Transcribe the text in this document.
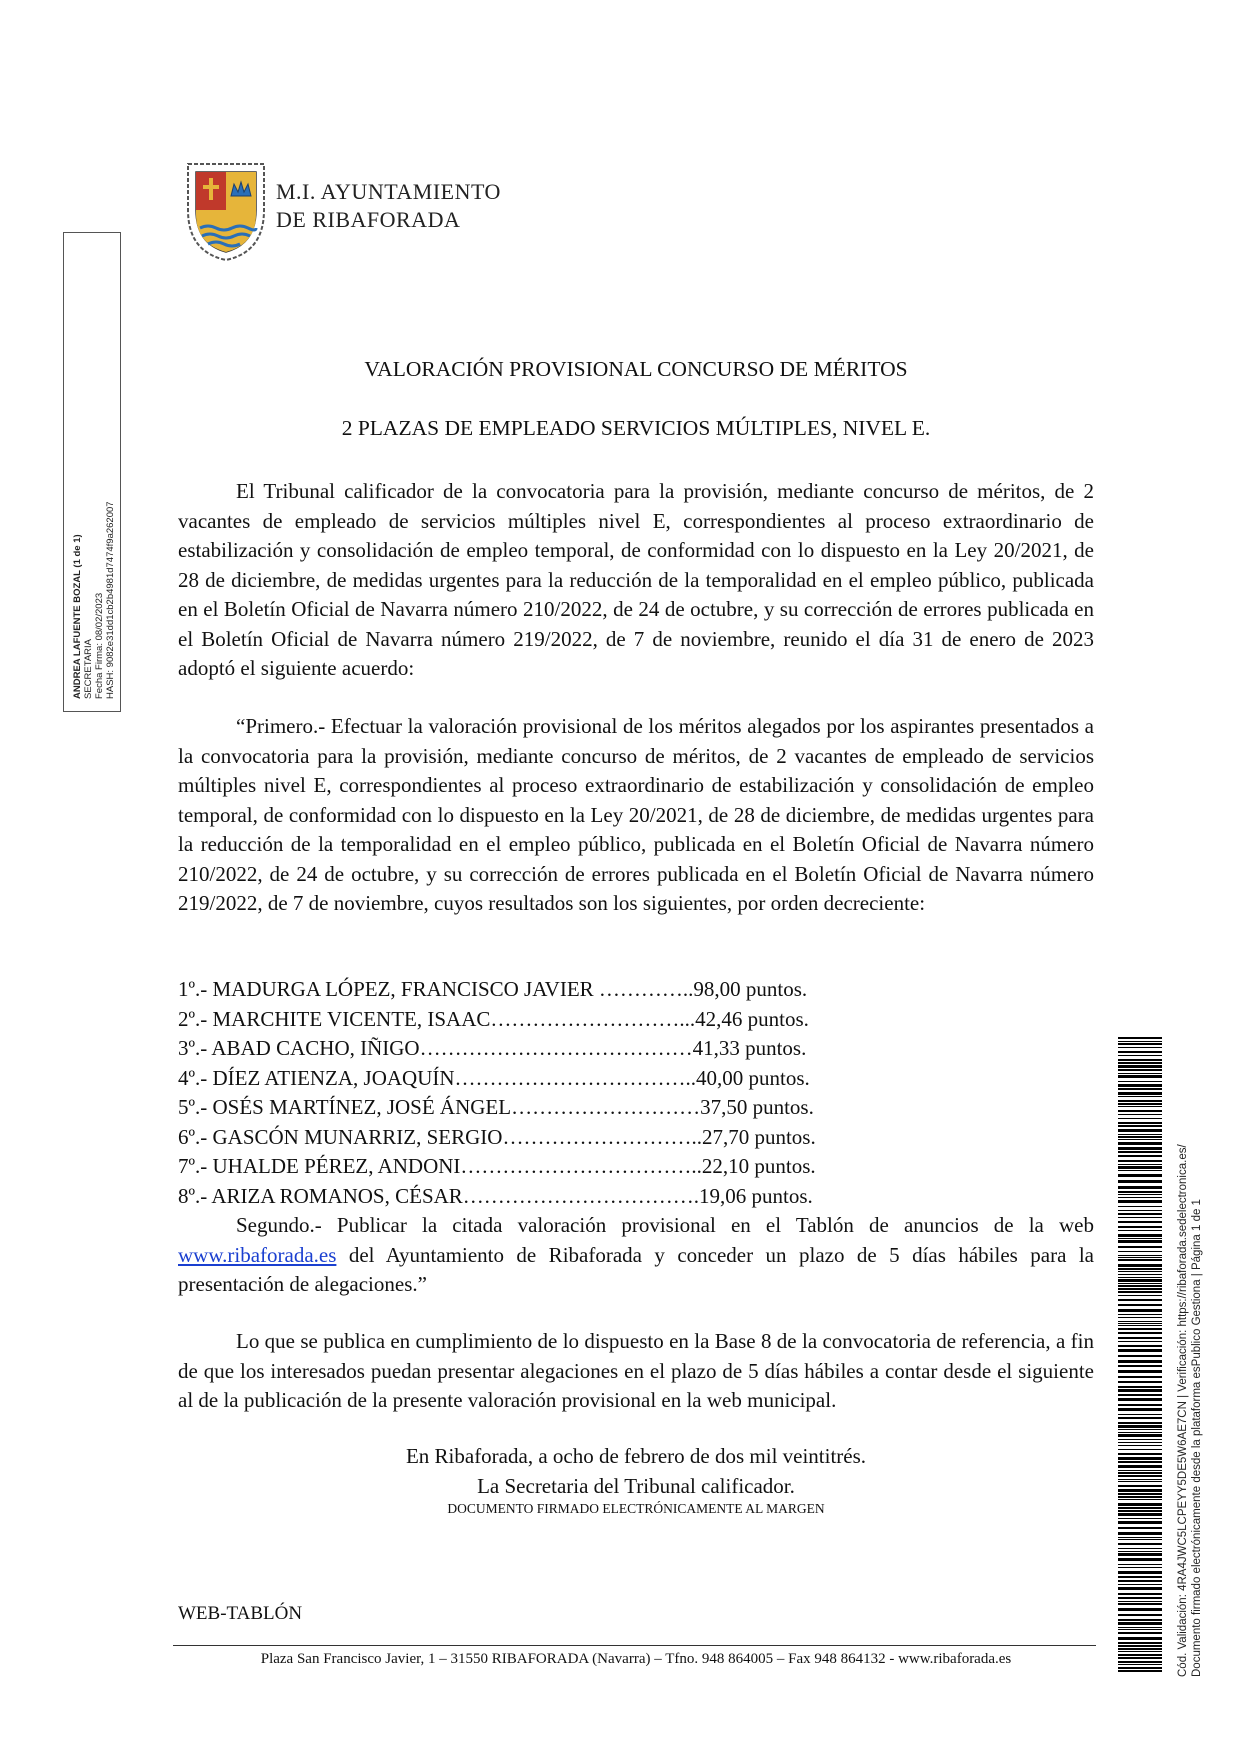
M.I. AYUNTAMIENTO
DE RIBAFORADA
ANDREA LAFUENTE BOZAL (1 de 1) SECRETARIA Fecha Firma: 08/02/2023 HASH: 9082e31dd1cb2b4981d7474f9a262007
VALORACIÓN PROVISIONAL CONCURSO DE MÉRITOS
2 PLAZAS DE EMPLEADO SERVICIOS MÚLTIPLES, NIVEL E.

El Tribunal calificador de la convocatoria para la provisión, mediante concurso de méritos, de 2 vacantes de empleado de servicios múltiples nivel E, correspondientes al proceso extraordinario de estabilización y consolidación de empleo temporal, de conformidad con lo dispuesto en la Ley 20/2021, de 28 de diciembre, de medidas urgentes para la reducción de la temporalidad en el empleo público, publicada en el Boletín Oficial de Navarra número 210/2022, de 24 de octubre, y su corrección de errores publicada en el Boletín Oficial de Navarra número 219/2022, de 7 de noviembre, reunido el día 31 de enero de 2023 adoptó el siguiente acuerdo:

“Primero.- Efectuar la valoración provisional de los méritos alegados por los aspirantes presentados a la convocatoria para la provisión, mediante concurso de méritos, de 2 vacantes de empleado de servicios múltiples nivel E, correspondientes al proceso extraordinario de estabilización y consolidación de empleo temporal, de conformidad con lo dispuesto en la Ley 20/2021, de 28 de diciembre, de medidas urgentes para la reducción de la temporalidad en el empleo público, publicada en el Boletín Oficial de Navarra número 210/2022, de 24 de octubre, y su corrección de errores publicada en el Boletín Oficial de Navarra número 219/2022, de 7 de noviembre, cuyos resultados son los siguientes, por orden decreciente:

1º.- MADURGA LÓPEZ, FRANCISCO JAVIER …………..98,00 puntos.
2º.- MARCHITE VICENTE, ISAAC………………………...42,46 puntos.
3º.- ABAD CACHO, IÑIGO…………………………………41,33 puntos.
4º.- DÍEZ ATIENZA, JOAQUÍN……………………………..40,00 puntos.
5º.- OSÉS MARTÍNEZ, JOSÉ ÁNGEL………………………37,50 puntos.
6º.- GASCÓN MUNARRIZ, SERGIO………………………..27,70 puntos.
7º.- UHALDE PÉREZ, ANDONI……………………………..22,10 puntos.
8º.- ARIZA ROMANOS, CÉSAR…………………………….19,06 puntos.

Segundo.- Publicar la citada valoración provisional en el Tablón de anuncios de la web www.ribaforada.es del Ayuntamiento de Ribaforada y conceder un plazo de 5 días hábiles para la presentación de alegaciones.”

Lo que se publica en cumplimiento de lo dispuesto en la Base 8 de la convocatoria de referencia, a fin de que los interesados puedan presentar alegaciones en el plazo de 5 días hábiles a contar desde el siguiente al de la publicación de la presente valoración provisional en la web municipal.

En Ribaforada, a ocho de febrero de dos mil veintitrés.
La Secretaria del Tribunal calificador.
DOCUMENTO FIRMADO ELECTRÓNICAMENTE AL MARGEN
WEB-TABLÓN
Plaza San Francisco Javier, 1 – 31550 RIBAFORADA (Navarra) – Tfno. 948 864005 – Fax 948 864132 - www.ribaforada.es	Cód. Validación: 4RA4JWC5LCPEYY5DE5W6AE7CN | Verificación: https://ribaforada.sedelectronica.es/ Documento firmado electrónicamente desde la plataforma esPublico Gestiona | Página 1 de 1
